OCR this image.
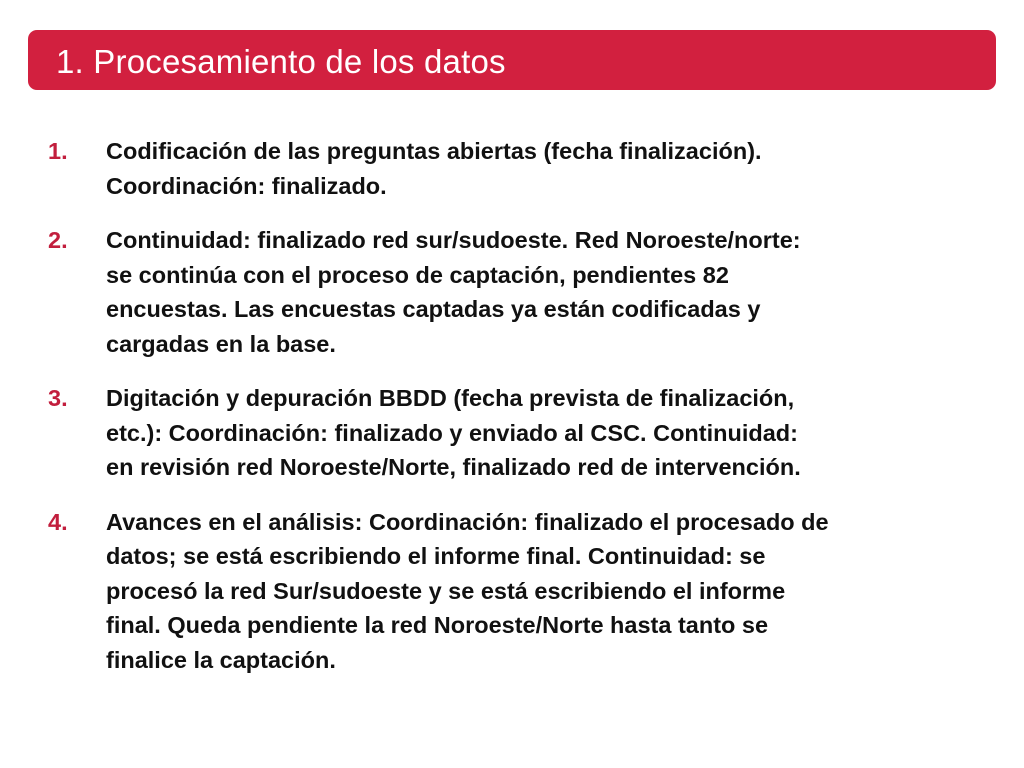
1. Procesamiento de los datos
1. Codificación de las preguntas abiertas (fecha finalización).
Coordinación: finalizado.
2. Continuidad: finalizado red sur/sudoeste. Red Noroeste/norte:
se continúa con el proceso de captación, pendientes 82
encuestas. Las encuestas captadas ya están codificadas y
cargadas en la base.
3. Digitación y depuración BBDD (fecha prevista de finalización,
etc.): Coordinación: finalizado y enviado al CSC. Continuidad:
en revisión red Noroeste/Norte, finalizado red de intervención.
4. Avances en el análisis: Coordinación: finalizado el procesado de
datos; se está escribiendo el informe final. Continuidad: se
procesó la red Sur/sudoeste y se está escribiendo el informe
final. Queda pendiente la red Noroeste/Norte hasta tanto se
finalice la captación.
